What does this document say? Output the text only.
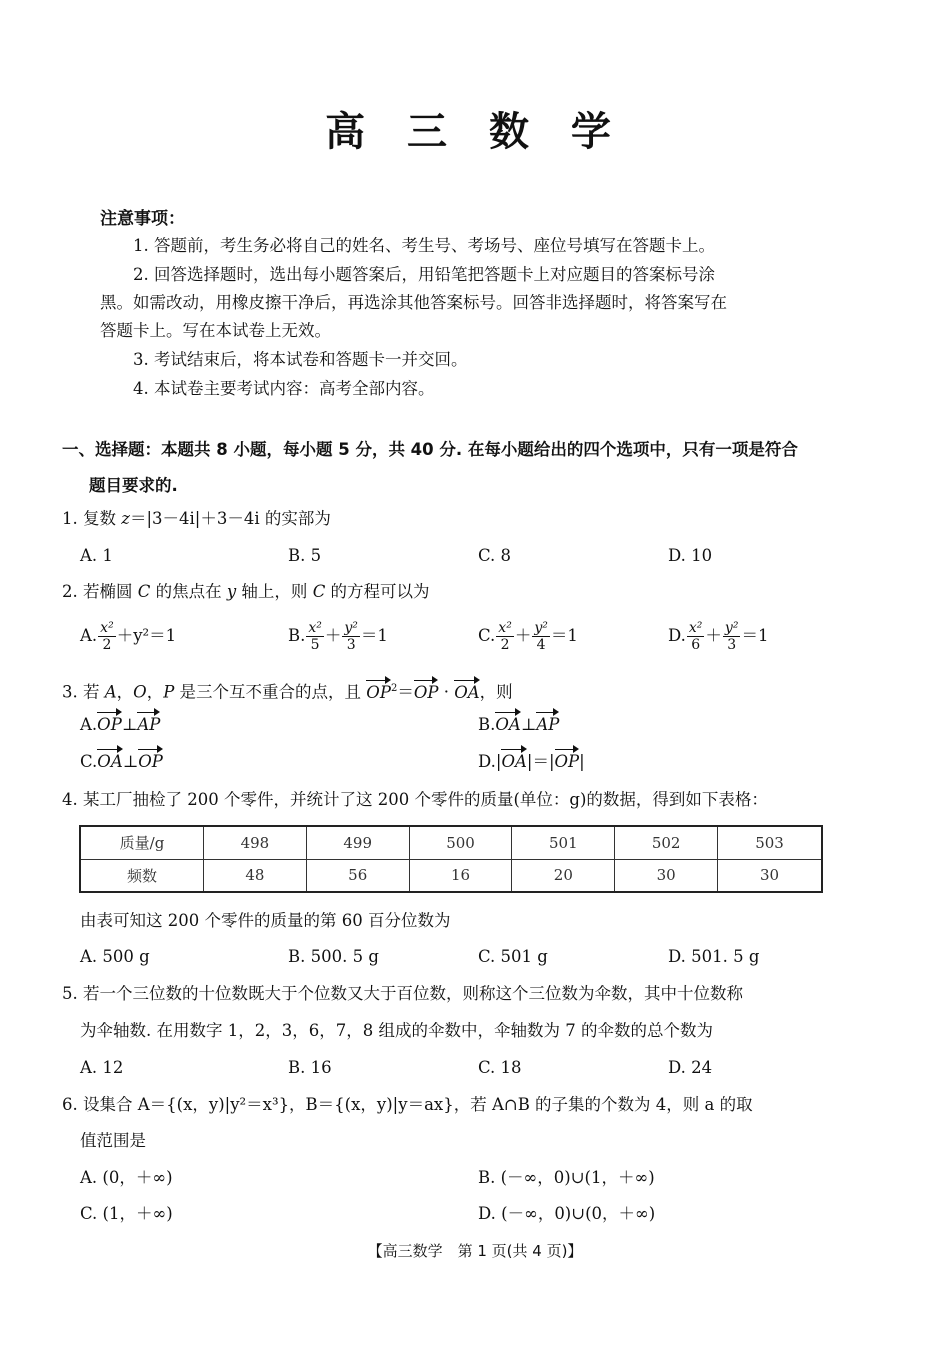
高 三 数 学
注意事项：
1. 答题前，考生务必将自己的姓名、考生号、考场号、座位号填写在答题卡上。
2. 回答选择题时，选出每小题答案后，用铅笔把答题卡上对应题目的答案标号涂
黑。如需改动，用橡皮擦干净后，再选涂其他答案标号。回答非选择题时，将答案写在
答题卡上。写在本试卷上无效。
3. 考试结束后，将本试卷和答题卡一并交回。
4. 本试卷主要考试内容：高考全部内容。
一、选择题：本题共 8 小题，每小题 5 分，共 40 分. 在每小题给出的四个选项中，只有一项是符合
题目要求的.
1. 复数 z＝|3－4i|＋3－4i 的实部为
A. 1	B. 5	C. 8	D. 10
2. 若椭圆 C 的焦点在 y 轴上，则 C 的方程可以为
A. $\frac{\text{x²}}{2} +y^2=1$	B. $\frac{\text{x²}}{5} + \frac{\text{y²}}{3} =1$	C. $\frac{\text{x²}}{2} + \frac{\text{y²}}{4} =1$	D. $\frac{\text{x²}}{6} + \frac{\text{y²}}{3} =1$
3. 若 A，O，P 是三个互不重合的点，且 $OP^2=OP$ · OA，则
A.OP⊥AP	B.OA⊥AP
C.OA⊥OP	D.|OA|＝|OP|
4. 某工厂抽检了 200 个零件，并统计了这 200 个零件的质量(单位：g)的数据，得到如下表格：
质量/g	498	499	500	501	502	503
频数	48	56	16	20	30	30
由表可知这 200 个零件的质量的第 60 百分位数为
A. 500 g	B. 500. 5 g	C. 501 g	D. 501. 5 g
5. 若一个三位数的十位数既大于个位数又大于百位数，则称这个三位数为伞数，其中十位数称
为伞轴数. 在用数字 1，2，3，6，7，8 组成的伞数中，伞轴数为 7 的伞数的总个数为
A. 12	B. 16	C. 18	D. 24
6. 设集合 A＝{(x，y)|y²＝x³}，B＝{(x，y)|y＝ax}，若 A∩B 的子集的个数为 4，则 a 的取
值范围是
A. (0，＋∞)	B. (－∞，0)∪(1，＋∞)
C. (1，＋∞)	D. (－∞，0)∪(0，＋∞)
【高三数学　第 1 页(共 4 页)】
